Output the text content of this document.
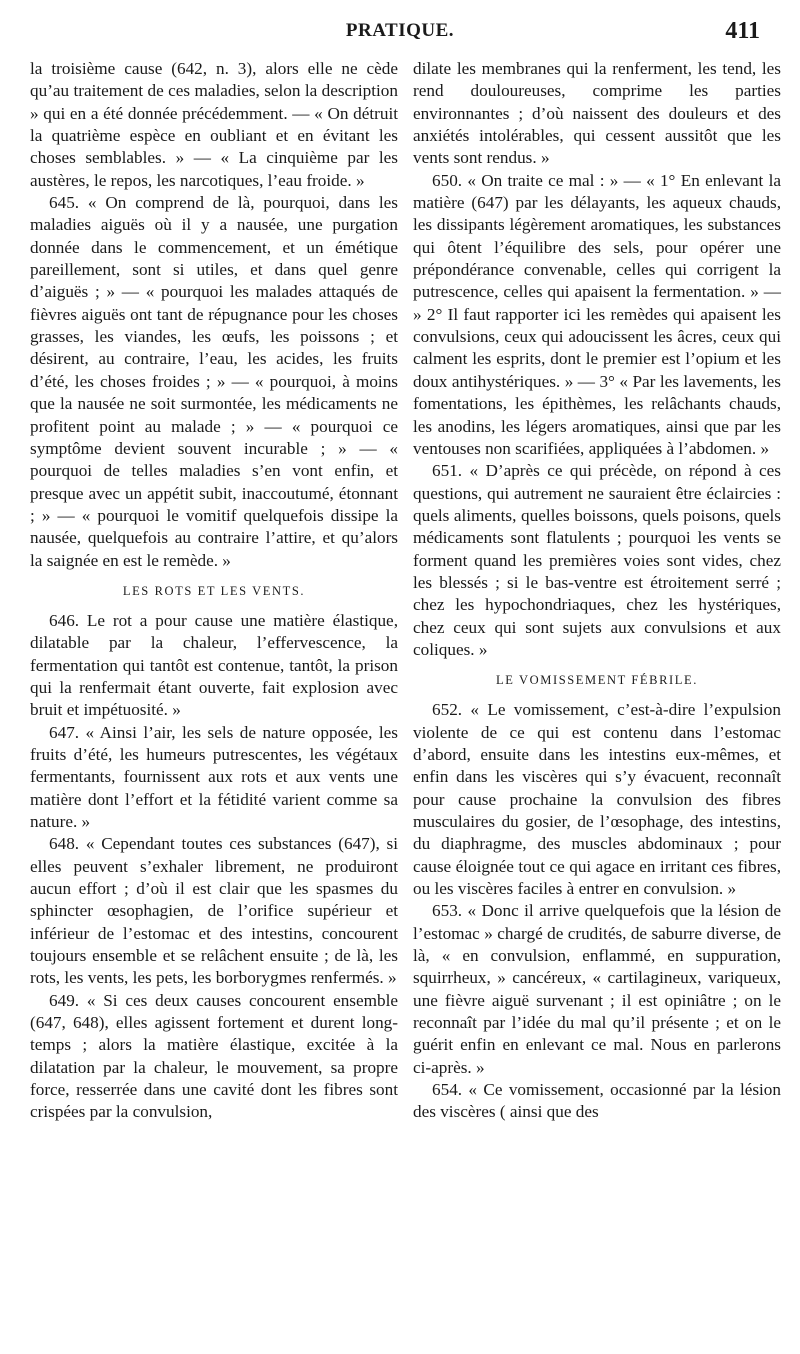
PRATIQUE.	411

la troisième cause (642, n. 3), alors elle ne cède qu’au traitement de ces maladies, selon la description » qui en a été donnée précédemment. — « On détruit la quatrième espèce en oubliant et en évitant les choses semblables. » — « La cinquième par les austères, le repos, les narcotiques, l’eau froide. »

645. « On comprend de là, pourquoi, dans les maladies aiguës où il y a nausée, une purgation donnée dans le commencement, et un émétique pareillement, sont si utiles, et dans quel genre d’aiguës ; » — « pourquoi les malades attaqués de fièvres aiguës ont tant de répugnance pour les choses grasses, les viandes, les œufs, les poissons ; et désirent, au contraire, l’eau, les acides, les fruits d’été, les choses froides ; » — « pourquoi, à moins que la nausée ne soit surmontée, les médicaments ne profitent point au malade ; » — « pourquoi ce symptôme devient souvent incurable ; » — « pourquoi de telles maladies s’en vont enfin, et presque avec un appétit subit, inaccoutumé, étonnant ; » — « pourquoi le vomitif quelquefois dissipe la nausée, quelquefois au contraire l’attire, et qu’alors la saignée en est le remède. »

LES ROTS ET LES VENTS.

646. Le rot a pour cause une matière élastique, dilatable par la chaleur, l’effervescence, la fermentation qui tantôt est contenue, tantôt, la prison qui la renfermait étant ouverte, fait explosion avec bruit et impétuosité. »

647. « Ainsi l’air, les sels de nature opposée, les fruits d’été, les humeurs putrescentes, les végétaux fermentants, fournissent aux rots et aux vents une matière dont l’effort et la fétidité varient comme sa nature. »

648. « Cependant toutes ces substances (647), si elles peuvent s’exhaler librement, ne produiront aucun effort ; d’où il est clair que les spasmes du sphincter œsophagien, de l’orifice supérieur et inférieur de l’estomac et des intestins, concourent toujours ensemble et se relâchent ensuite ; de là, les rots, les vents, les pets, les borborygmes renfermés. »

649. « Si ces deux causes concourent ensemble (647, 648), elles agissent fortement et durent long-temps ; alors la matière élastique, excitée à la dilatation par la chaleur, le mouvement, sa propre force, resserrée dans une cavité dont les fibres sont crispées par la convulsion,

dilate les membranes qui la renferment, les tend, les rend douloureuses, comprime les parties environnantes ; d’où naissent des douleurs et des anxiétés intolérables, qui cessent aussitôt que les vents sont rendus. »

650. « On traite ce mal : » — « 1° En enlevant la matière (647) par les délayants, les aqueux chauds, les dissipants légèrement aromatiques, les substances qui ôtent l’équilibre des sels, pour opérer une prépondérance convenable, celles qui corrigent la putrescence, celles qui apaisent la fermentation. » — » 2° Il faut rapporter ici les remèdes qui apaisent les convulsions, ceux qui adoucissent les âcres, ceux qui calment les esprits, dont le premier est l’opium et les doux antihystériques. » — 3° « Par les lavements, les fomentations, les épithèmes, les relâchants chauds, les anodins, les légers aromatiques, ainsi que par les ventouses non scarifiées, appliquées à l’abdomen. »

651. « D’après ce qui précède, on répond à ces questions, qui autrement ne sauraient être éclaircies : quels aliments, quelles boissons, quels poisons, quels médicaments sont flatulents ; pourquoi les vents se forment quand les premières voies sont vides, chez les blessés ; si le bas-ventre est étroitement serré ; chez les hypochondriaques, chez les hystériques, chez ceux qui sont sujets aux convulsions et aux coliques. »

LE VOMISSEMENT FÉBRILE.

652. « Le vomissement, c’est-à-dire l’expulsion violente de ce qui est contenu dans l’estomac d’abord, ensuite dans les intestins eux-mêmes, et enfin dans les viscères qui s’y évacuent, reconnaît pour cause prochaine la convulsion des fibres musculaires du gosier, de l’œsophage, des intestins, du diaphragme, des muscles abdominaux ; pour cause éloignée tout ce qui agace en irritant ces fibres, ou les viscères faciles à entrer en convulsion. »

653. « Donc il arrive quelquefois que la lésion de l’estomac » chargé de crudités, de saburre diverse, de là, « en convulsion, enflammé, en suppuration, squirrheux, » cancéreux, « cartilagineux, variqueux, une fièvre aiguë survenant ; il est opiniâtre ; on le reconnaît par l’idée du mal qu’il présente ; et on le guérit enfin en enlevant ce mal. Nous en parlerons ci-après. »

654. « Ce vomissement, occasionné par la lésion des viscères ( ainsi que des
